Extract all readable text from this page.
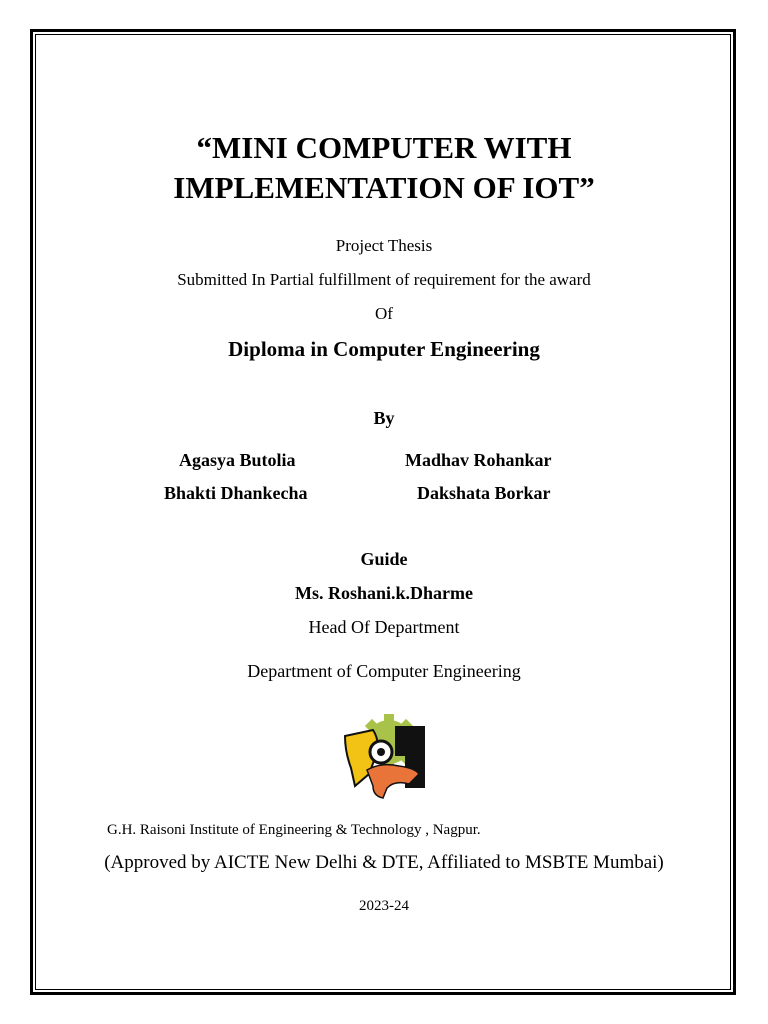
“MINI COMPUTER WITH
IMPLEMENTATION OF IOT”
Project Thesis
Submitted In Partial fulfillment of requirement for the award
Of
Diploma in Computer Engineering
By
Agasya Butolia	Madhav Rohankar
Bhakti Dhankecha	Dakshata Borkar
Guide
Ms. Roshani.k.Dharme
Head Of Department
Department of Computer Engineering
G.H. Raisoni Institute of Engineering & Technology , Nagpur.
(Approved by AICTE New Delhi & DTE, Affiliated to MSBTE Mumbai)
2023-24
